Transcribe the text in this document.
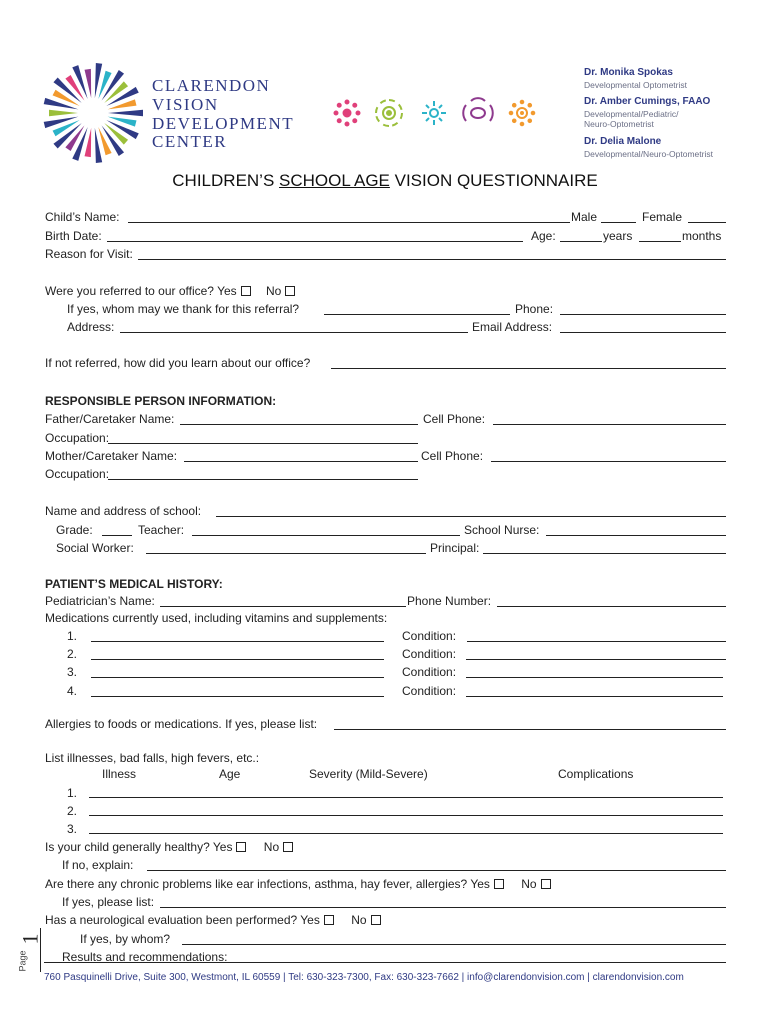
CLARENDON
VISION
DEVELOPMENT
CENTER
Dr. Monika Spokas
Developmental Optometrist
Dr. Amber Cumings, FAAO
Developmental/Pediatric/
Neuro-Optometrist
Dr. Delia Malone
Developmental/Neuro-Optometrist
CHILDREN’S SCHOOL AGE VISION QUESTIONNAIRE
Child’s Name:	Male	Female
Birth Date:	Age:	years	months
Reason for Visit:
Were you referred to our office? Yes No
If yes, whom may we thank for this referral?	Phone:
Address:	Email Address:
If not referred, how did you learn about our office?
RESPONSIBLE PERSON INFORMATION:
Father/Caretaker Name:	Cell Phone:
Occupation:
Mother/Caretaker Name:	Cell Phone:
Occupation:
Name and address of school:
Grade:	Teacher:	School Nurse:
Social Worker:	Principal:
PATIENT’S MEDICAL HISTORY:
Pediatrician’s Name:	Phone Number:
Medications currently used, including vitamins and supplements:
1.	Condition:
2.	Condition:
3.	Condition:
4.	Condition:
Allergies to foods or medications. If yes, please list:
List illnesses, bad falls, high fevers, etc.:
Illness	Age	Severity (Mild-Severe)	Complications
1.
2.
3.
Is your child generally healthy? Yes	No
If no, explain:
Are there any chronic problems like ear infections, asthma, hay fever, allergies? Yes	No
If yes, please list:
Has a neurological evaluation been performed? Yes	No
If yes, by whom?
Results and recommendations:
Page
1
760 Pasquinelli Drive, Suite 300, Westmont, IL 60559 | Tel: 630-323-7300, Fax: 630-323-7662 | info@clarendonvision.com | clarendonvision.com
